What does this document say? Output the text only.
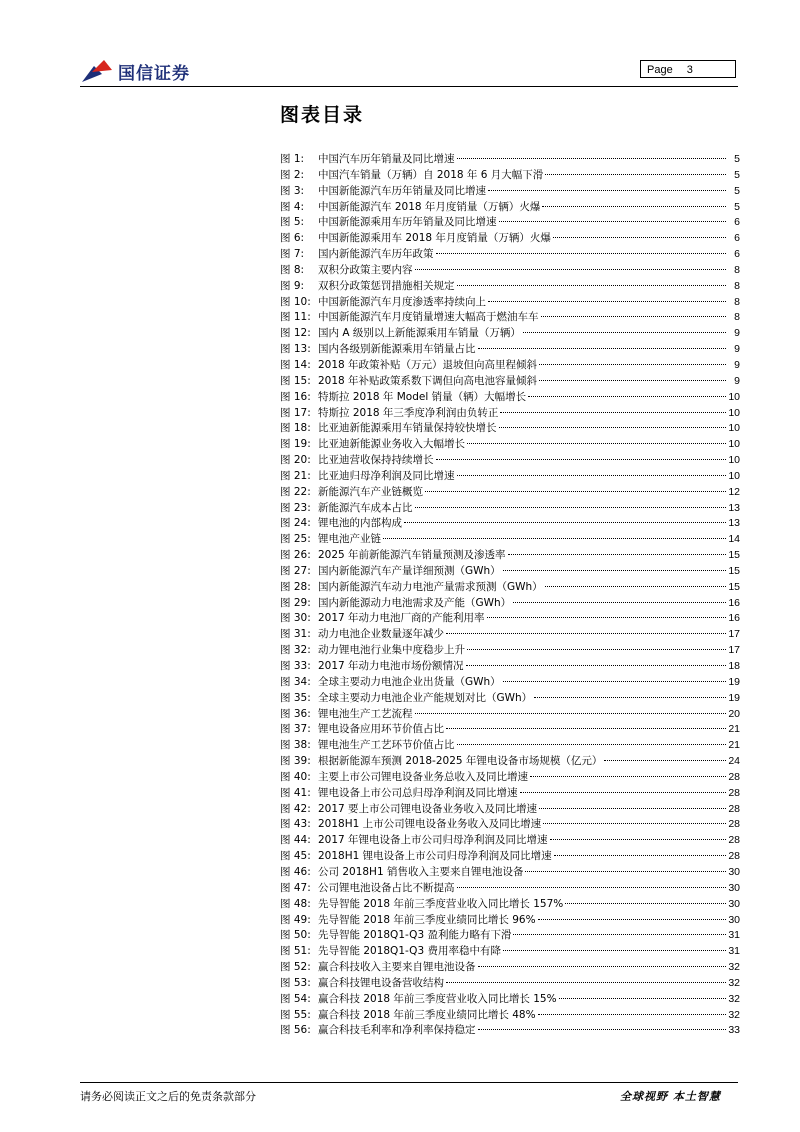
国信证券	Page 3
图表目录
图 1:	中国汽车历年销量及同比增速	5
图 2:	中国汽车销量（万辆）自 2018 年 6 月大幅下滑	5
图 3:	中国新能源汽车历年销量及同比增速	5
图 4:	中国新能源汽车 2018 年月度销量（万辆）火爆	5
图 5:	中国新能源乘用车历年销量及同比增速	6
图 6:	中国新能源乘用车 2018 年月度销量（万辆）火爆	6
图 7:	国内新能源汽车历年政策	6
图 8:	双积分政策主要内容	8
图 9:	双积分政策惩罚措施相关规定	8
图 10: 中国新能源汽车月度渗透率持续向上	8
图 11: 中国新能源汽车月度销量增速大幅高于燃油车车	8
图 12: 国内 A 级别以上新能源乘用车销量（万辆）	9
图 13: 国内各级别新能源乘用车销量占比	9
图 14: 2018 年政策补贴（万元）退坡但向高里程倾斜	9
图 15: 2018 年补贴政策系数下调但向高电池容量倾斜	9
图 16: 特斯拉 2018 年 Model 销量（辆）大幅增长	10
图 17: 特斯拉 2018 年三季度净利润由负转正	10
图 18: 比亚迪新能源乘用车销量保持较快增长	10
图 19: 比亚迪新能源业务收入大幅增长	10
图 20: 比亚迪营收保持持续增长	10
图 21: 比亚迪归母净利润及同比增速	10
图 22: 新能源汽车产业链概览	12
图 23: 新能源汽车成本占比	13
图 24: 锂电池的内部构成	13
图 25: 锂电池产业链	14
图 26: 2025 年前新能源汽车销量预测及渗透率	15
图 27: 国内新能源汽车产量详细预测（GWh）	15
图 28: 国内新能源汽车动力电池产量需求预测（GWh）	15
图 29: 国内新能源动力电池需求及产能（GWh）	16
图 30: 2017 年动力电池厂商的产能利用率	16
图 31: 动力电池企业数量逐年减少	17
图 32: 动力锂电池行业集中度稳步上升	17
图 33: 2017 年动力电池市场份额情况	18
图 34: 全球主要动力电池企业出货量（GWh）	19
图 35: 全球主要动力电池企业产能规划对比（GWh）	19
图 36: 锂电池生产工艺流程	20
图 37: 锂电设备应用环节价值占比	21
图 38: 锂电池生产工艺环节价值占比	21
图 39: 根据新能源车预测 2018-2025 年锂电设备市场规模（亿元）	24
图 40: 主要上市公司锂电设备业务总收入及同比增速	28
图 41: 锂电设备上市公司总归母净利润及同比增速	28
图 42: 2017 要上市公司锂电设备业务收入及同比增速	28
图 43: 2018H1 上市公司锂电设备业务收入及同比增速	28
图 44: 2017 年锂电设备上市公司归母净利润及同比增速	28
图 45: 2018H1 锂电设备上市公司归母净利润及同比增速	28
图 46: 公司 2018H1 销售收入主要来自锂电池设备	30
图 47: 公司锂电池设备占比不断提高	30
图 48: 先导智能 2018 年前三季度营业收入同比增长 157%	30
图 49: 先导智能 2018 年前三季度业绩同比增长 96%	30
图 50: 先导智能 2018Q1-Q3 盈利能力略有下滑	31
图 51: 先导智能 2018Q1-Q3 费用率稳中有降	31
图 52: 赢合科技收入主要来自锂电池设备	32
图 53: 赢合科技锂电设备营收结构	32
图 54: 赢合科技 2018 年前三季度营业收入同比增长 15%	32
图 55: 赢合科技 2018 年前三季度业绩同比增长 48%	32
图 56: 赢合科技毛利率和净利率保持稳定	33
请务必阅读正文之后的免责条款部分	全球视野 本土智慧
